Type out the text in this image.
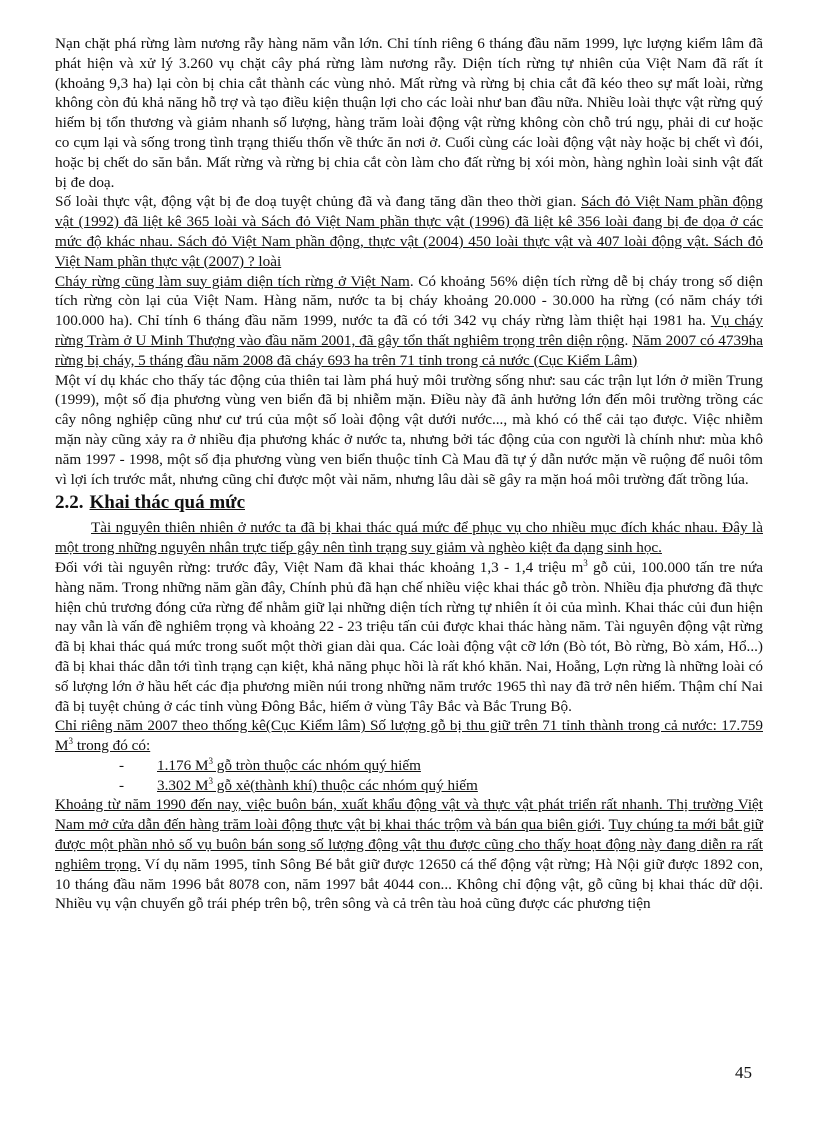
Nạn chặt phá rừng làm nương rẫy hàng năm vẫn lớn. Chỉ tính riêng 6 tháng đầu năm 1999, lực lượng kiểm lâm đã phát hiện và xử lý 3.260 vụ chặt cây phá rừng làm nương rẫy. Diện tích rừng tự nhiên của Việt Nam đã rất ít (khoảng 9,3 ha) lại còn bị chia cắt thành các vùng nhỏ. Mất rừng và rừng bị chia cắt đã kéo theo sự mất loài, rừng không còn đủ khả năng hỗ trợ và tạo điều kiện thuận lợi cho các loài như ban đầu nữa. Nhiều loài thực vật rừng quý hiếm bị tổn thương và giảm nhanh số lượng, hàng trăm loài động vật rừng không còn chỗ trú ngụ, phải di cư hoặc co cụm lại và sống trong tình trạng thiếu thốn về thức ăn nơi ở. Cuối cùng các loài động vật này hoặc bị chết vì đói, hoặc bị chết do săn bắn. Mất rừng và rừng bị chia cắt còn làm cho đất rừng bị xói mòn, hàng nghìn loài sinh vật đất bị đe doạ.

Số loài thực vật, động vật bị đe doạ tuyệt chủng đã và đang tăng dần theo thời gian. Sách đỏ Việt Nam phần động vật (1992) đã liệt kê 365 loài và Sách đỏ Việt Nam phần thực vật (1996) đã liệt kê 356 loài đang bị đe dọa ở các mức độ khác nhau. Sách đỏ Việt Nam phần động, thực vật (2004) 450 loài thực vật và 407 loài động vật. Sách đỏ Việt Nam phần thực vật (2007) ? loài

Cháy rừng cũng làm suy giảm diện tích rừng ở Việt Nam. Có khoảng 56% diện tích rừng dễ bị cháy trong số diện tích rừng còn lại của Việt Nam. Hàng năm, nước ta bị cháy khoảng 20.000 - 30.000 ha rừng (có năm cháy tới 100.000 ha). Chỉ tính 6 tháng đầu năm 1999, nước ta đã có tới 342 vụ cháy rừng làm thiệt hại 1981 ha. Vụ cháy rừng Tràm ở U Minh Thượng vào đầu năm 2001, đã gây tổn thất nghiêm trọng trên diện rộng. Năm 2007 có 4739ha rừng bị cháy, 5 tháng đầu năm 2008 đã cháy 693 ha trên 71 tỉnh trong cả nước (Cục Kiểm Lâm)

Một ví dụ khác cho thấy tác động của thiên tai làm phá huỷ môi trường sống như: sau các trận lụt lớn ở miền Trung (1999), một số địa phương vùng ven biển đã bị nhiễm mặn. Điều này đã ảnh hưởng lớn đến môi trường trồng các cây nông nghiệp cũng như cư trú của một số loài động vật dưới nước..., mà khó có thể cải tạo được. Việc nhiễm mặn này cũng xảy ra ở nhiều địa phương khác ở nước ta, nhưng bởi tác động của con người là chính như: mùa khô năm 1997 - 1998, một số địa phương vùng ven biển thuộc tỉnh Cà Mau đã tự ý dẫn nước mặn về ruộng để nuôi tôm vì lợi ích trước mắt, nhưng cũng chỉ được một vài năm, nhưng lâu dài sẽ gây ra mặn hoá môi trường đất trồng lúa.

2.2. Khai thác quá mức

Tài nguyên thiên nhiên ở nước ta đã bị khai thác quá mức để phục vụ cho nhiều mục đích khác nhau. Đây là một trong những nguyên nhân trực tiếp gây nên tình trạng suy giảm và nghèo kiệt đa dạng sinh học.

Đối với tài nguyên rừng: trước đây, Việt Nam đã khai thác khoảng 1,3 - 1,4 triệu $m^3$ gỗ củi, 100.000 tấn tre nứa hàng năm. Trong những năm gần đây, Chính phủ đã hạn chế nhiều việc khai thác gỗ tròn. Nhiều địa phương đã thực hiện chủ trương đóng cửa rừng để nhằm giữ lại những diện tích rừng tự nhiên ít ỏi của mình. Khai thác củi đun hiện nay vẫn là vấn đề nghiêm trọng và khoảng 22 - 23 triệu tấn củi được khai thác hàng năm. Tài nguyên động vật rừng đã bị khai thác quá mức trong suốt một thời gian dài qua. Các loài động vật cỡ lớn (Bò tót, Bò rừng, Bò xám, Hổ...) đã bị khai thác dẫn tới tình trạng cạn kiệt, khả năng phục hồi là rất khó khăn. Nai, Hoẵng, Lợn rừng là những loài có số lượng lớn ở hầu hết các địa phương miền núi trong những năm trước 1965 thì nay đã trở nên hiếm. Thậm chí Nai đã bị tuyệt chủng ở các tỉnh vùng Đông Bắc, hiếm ở vùng Tây Bắc và Bắc Trung Bộ.

Chỉ riêng năm 2007 theo thống kê(Cục Kiểm lâm) Số lượng gỗ bị thu giữ trên 71 tỉnh thành trong cả nước: 17.759 $M^3$ trong đó có:

- 1.176 $M^3$ gỗ tròn thuộc các nhóm quý hiếm
- 3.302 $M^3$ gỗ xẻ(thành khí) thuộc các nhóm quý hiếm

Khoảng từ năm 1990 đến nay, việc buôn bán, xuất khẩu động vật và thực vật phát triển rất nhanh. Thị trường Việt Nam mở cửa dẫn đến hàng trăm loài động thực vật bị khai thác trộm và bán qua biên giới. Tuy chúng ta mới bắt giữ được một phần nhỏ số vụ buôn bán song số lượng động vật thu được cũng cho thấy hoạt động này đang diễn ra rất nghiêm trọng. Ví dụ năm 1995, tỉnh Sông Bé bắt giữ được 12650 cá thể động vật rừng; Hà Nội giữ được 1892 con, 10 tháng đầu năm 1996 bắt 8078 con, năm 1997 bắt 4044 con... Không chỉ động vật, gỗ cũng bị khai thác dữ dội. Nhiều vụ vận chuyển gỗ trái phép trên bộ, trên sông và cả trên tàu hoả cũng được các phương tiện

45
